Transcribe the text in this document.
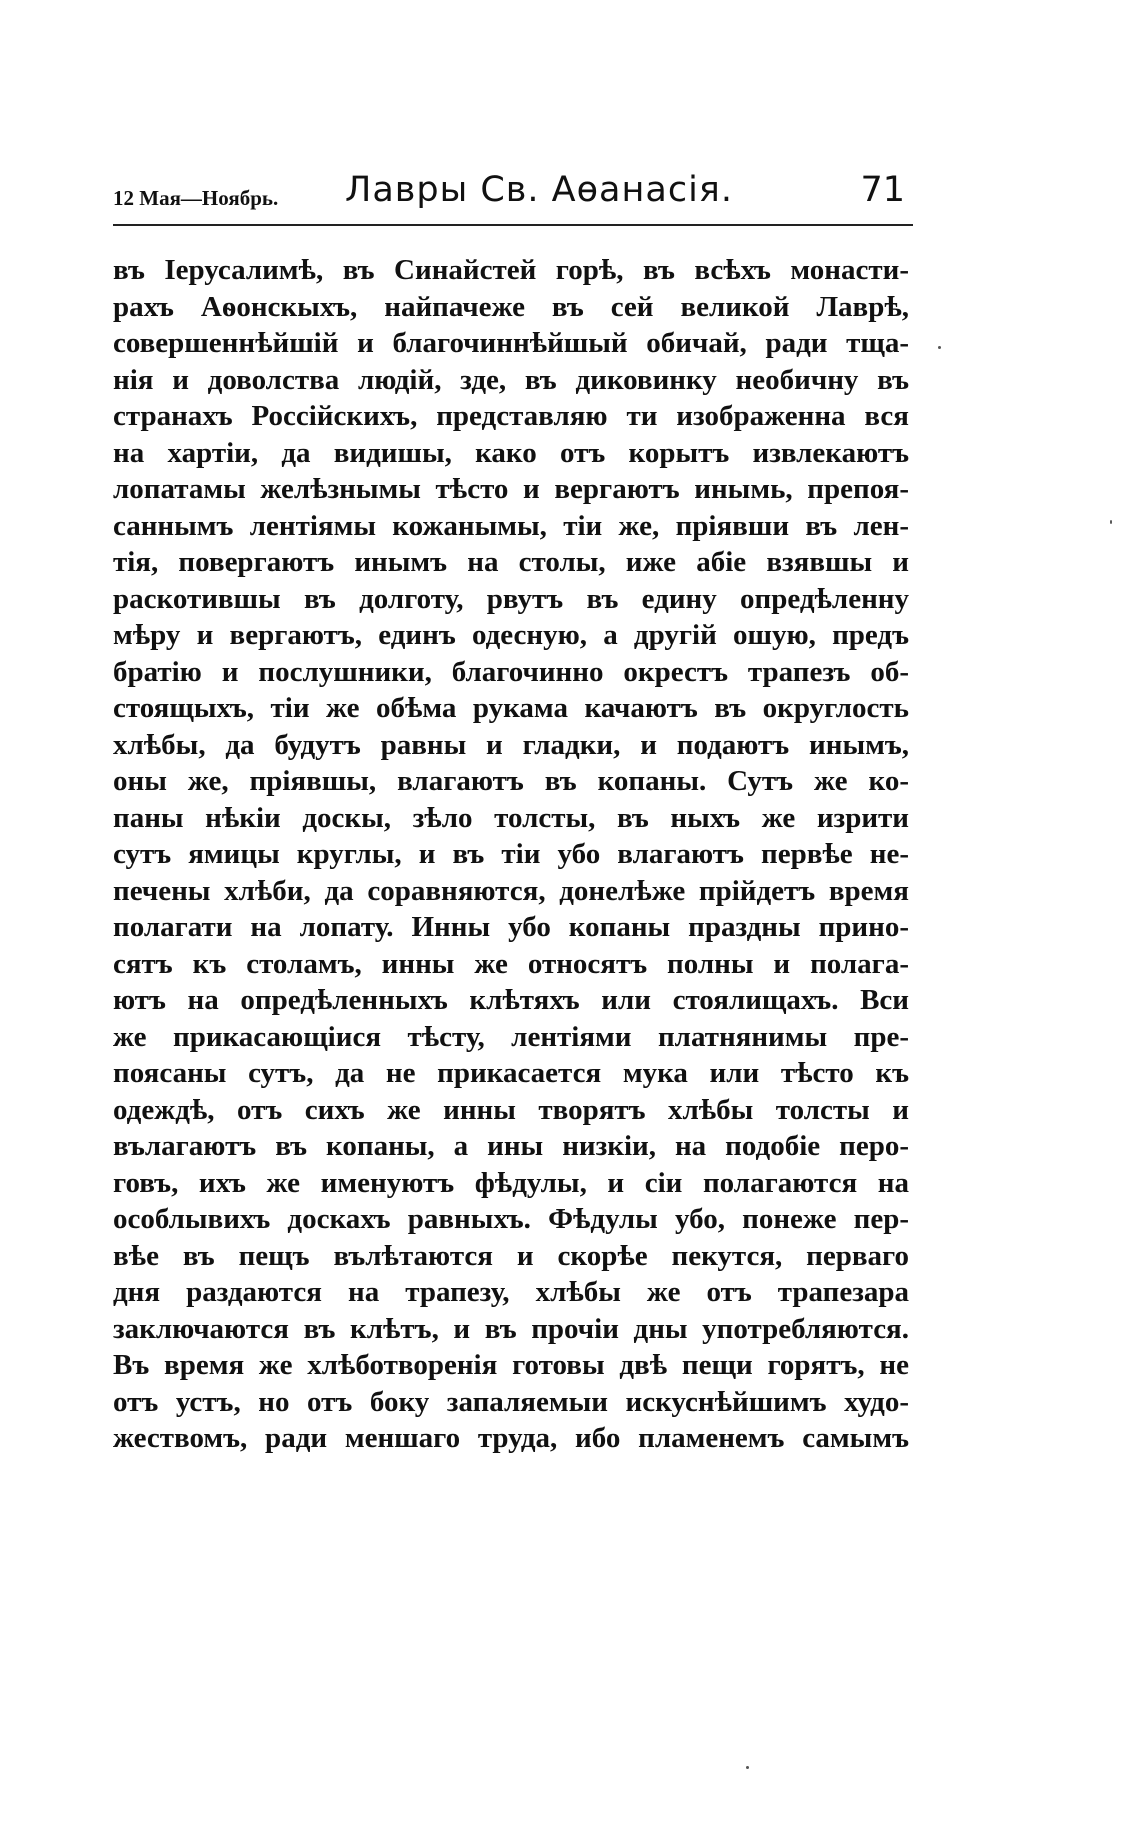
12 Мая—Ноябрь. Лавры Св. Аѳанасія.	71
въ Іерусалимѣ, въ Синайстей горѣ, въ всѣхъ монасти-
рахъ Аѳонскыхъ, найпачеже въ сей великой Лаврѣ,
совершеннѣйшій и благочиннѣйшый обичай, ради тща-
нія и доволства людій, зде, въ диковинку необичну въ
странахъ Россійскихъ, представляю ти изображенна вся
на хартіи, да видишы, како отъ корытъ извлекаютъ
лопатамы желѣзнымы тѣсто и вергаютъ инымь, препоя-
саннымъ лентіямы кожанымы, тіи же, пріявши въ лен-
тія, повергаютъ инымъ на столы, иже абіе взявшы и
раскотившы въ долготу, рвутъ въ едину опредѣленну
мѣру и вергаютъ, единъ одесную, а другій ошую, предъ
братію и послушники, благочинно окрестъ трапезъ об-
стоящыхъ, тіи же обѣма рукама качаютъ въ округлость
хлѣбы, да будутъ равны и гладки, и подаютъ инымъ,
оны же, пріявшы, влагаютъ въ копаны. Сутъ же ко-
паны нѣкіи доскы, зѣло толсты, въ ныхъ же изрити
сутъ ямицы круглы, и въ тіи убо влагаютъ первѣе не-
печены хлѣби, да соравняются, донелѣже прійдетъ время
полагати на лопату. Инны убо копаны праздны прино-
сятъ къ столамъ, инны же относятъ полны и полага-
ютъ на опредѣленныхъ клѣтяхъ или стоялищахъ. Вси
же прикасающіися тѣсту, лентіями платнянимы пре-
поясаны сутъ, да не прикасается мука или тѣсто къ
одеждѣ, отъ сихъ же инны творятъ хлѣбы толсты и
вълагаютъ въ копаны, а ины низкіи, на подобіе перо-
говъ, ихъ же именуютъ фѣдулы, и сіи полагаются на
особлывихъ доскахъ равныхъ. Фѣдулы убо, понеже пер-
вѣе въ пещъ вълѣтаются и скорѣе пекутся, перваго
дня раздаются на трапезу, хлѣбы же отъ трапезара
заключаются въ клѣтъ, и въ прочіи дны употребляются.
Въ время же хлѣботворенія готовы двѣ пещи горятъ, не
отъ устъ, но отъ боку запаляемыи искуснѣйшимъ худо-
жествомъ, ради меншаго труда, ибо пламенемъ самымъ
